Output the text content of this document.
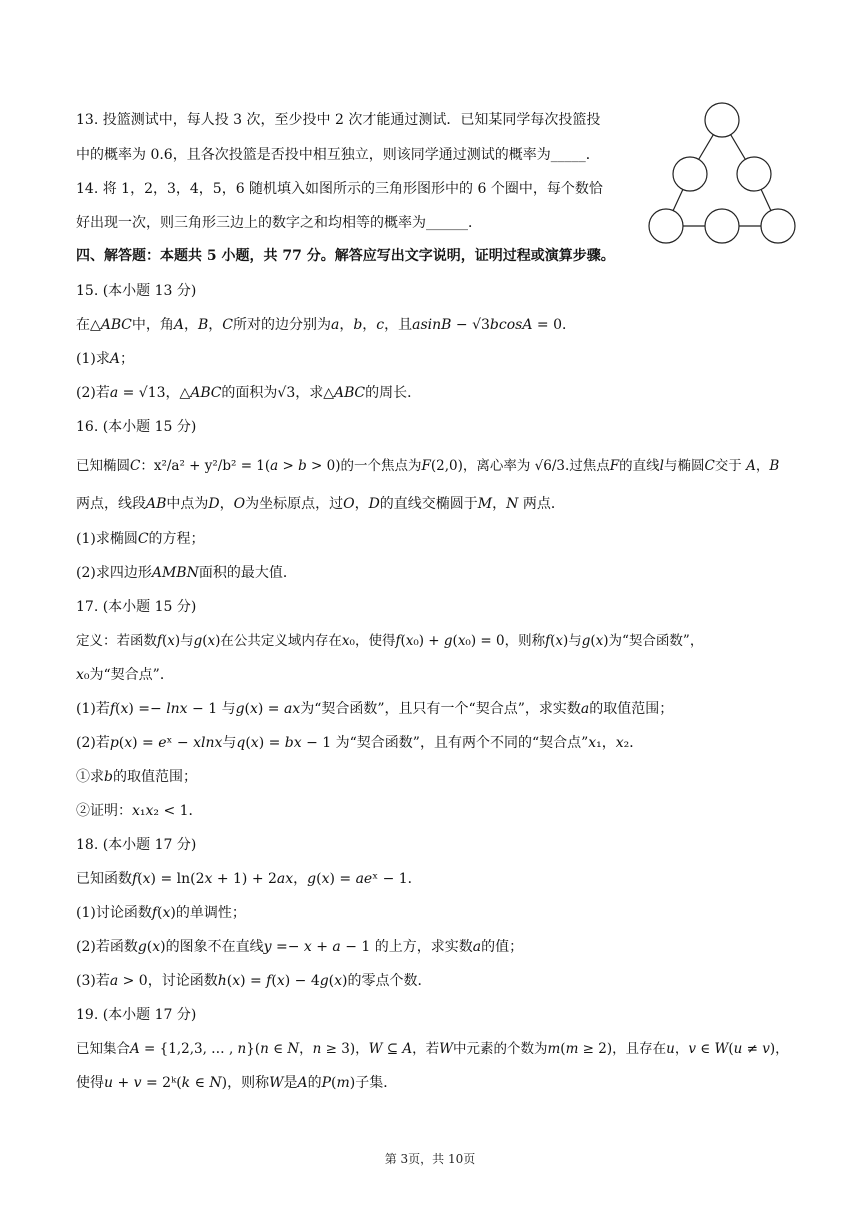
13. 投篮测试中，每人投 3 次，至少投中 2 次才能通过测试．已知某同学每次投篮投
中的概率为 0.6，且各次投篮是否投中相互独立，则该同学通过测试的概率为_____．
14. 将 1，2，3，4，5，6 随机填入如图所示的三角形图形中的 6 个圈中，每个数恰
好出现一次，则三角形三边上的数字之和均相等的概率为______．
四、解答题：本题共 5 小题，共 77 分。解答应写出文字说明，证明过程或演算步骤。
15. (本小题 13 分)
在△𝐴𝐵𝐶中，角𝐴，𝐵，𝐶所对的边分别为𝑎，𝑏，𝑐，且𝑎𝑠𝑖𝑛𝐵 − √3𝑏𝑐𝑜𝑠𝐴 = 0．
(1)求𝐴；
(2)若𝑎 = √13，△𝐴𝐵𝐶的面积为√3，求△𝐴𝐵𝐶的周长．
16. (本小题 15 分)
已知椭圆𝐶：x²/a² + y²/b² = 1(𝑎 > 𝑏 > 0)的一个焦点为𝐹(2,0)，离心率为 √6/3.过焦点𝐹的直线𝑙与椭圆𝐶交于 𝐴，𝐵
两点，线段𝐴𝐵中点为𝐷，𝑂为坐标原点，过𝑂，𝐷的直线交椭圆于𝑀，𝑁 两点．
(1)求椭圆𝐶的方程；
(2)求四边形𝐴𝑀𝐵𝑁面积的最大值．
17. (本小题 15 分)
定义：若函数𝑓(𝑥)与𝑔(𝑥)在公共定义域内存在𝑥₀，使得𝑓(𝑥₀) + 𝑔(𝑥₀) = 0，则称𝑓(𝑥)与𝑔(𝑥)为“契合函数”，
𝑥₀为“契合点”．
(1)若𝑓(𝑥) =− 𝑙𝑛𝑥 − 1 与𝑔(𝑥) = 𝑎𝑥为“契合函数”，且只有一个“契合点”，求实数𝑎的取值范围；
(2)若𝑝(𝑥) = 𝑒ˣ − 𝑥𝑙𝑛𝑥与𝑞(𝑥) = 𝑏𝑥 − 1 为“契合函数”，且有两个不同的“契合点”𝑥₁，𝑥₂．
①求𝑏的取值范围；
②证明：𝑥₁𝑥₂ < 1．
18. (本小题 17 分)
已知函数𝑓(𝑥) = ln(2𝑥 + 1) + 2𝑎𝑥，𝑔(𝑥) = 𝑎𝑒ˣ − 1．
(1)讨论函数𝑓(𝑥)的单调性；
(2)若函数𝑔(𝑥)的图象不在直线𝑦 =− 𝑥 + 𝑎 − 1 的上方，求实数𝑎的值；
(3)若𝑎 > 0，讨论函数ℎ(𝑥) = 𝑓(𝑥) − 4𝑔(𝑥)的零点个数．
19. (本小题 17 分)
已知集合𝐴 = {1,2,3, … , 𝑛}(𝑛 ∈ 𝑁，𝑛 ≥ 3)，𝑊 ⊆ 𝐴，若𝑊中元素的个数为𝑚(𝑚 ≥ 2)，且存在𝑢，𝑣 ∈ 𝑊(𝑢 ≠ 𝑣)，
使得𝑢 + 𝑣 = 2ᵏ(𝑘 ∈ 𝑁)，则称𝑊是𝐴的𝑃(𝑚)子集．
第 3页，共 10页
